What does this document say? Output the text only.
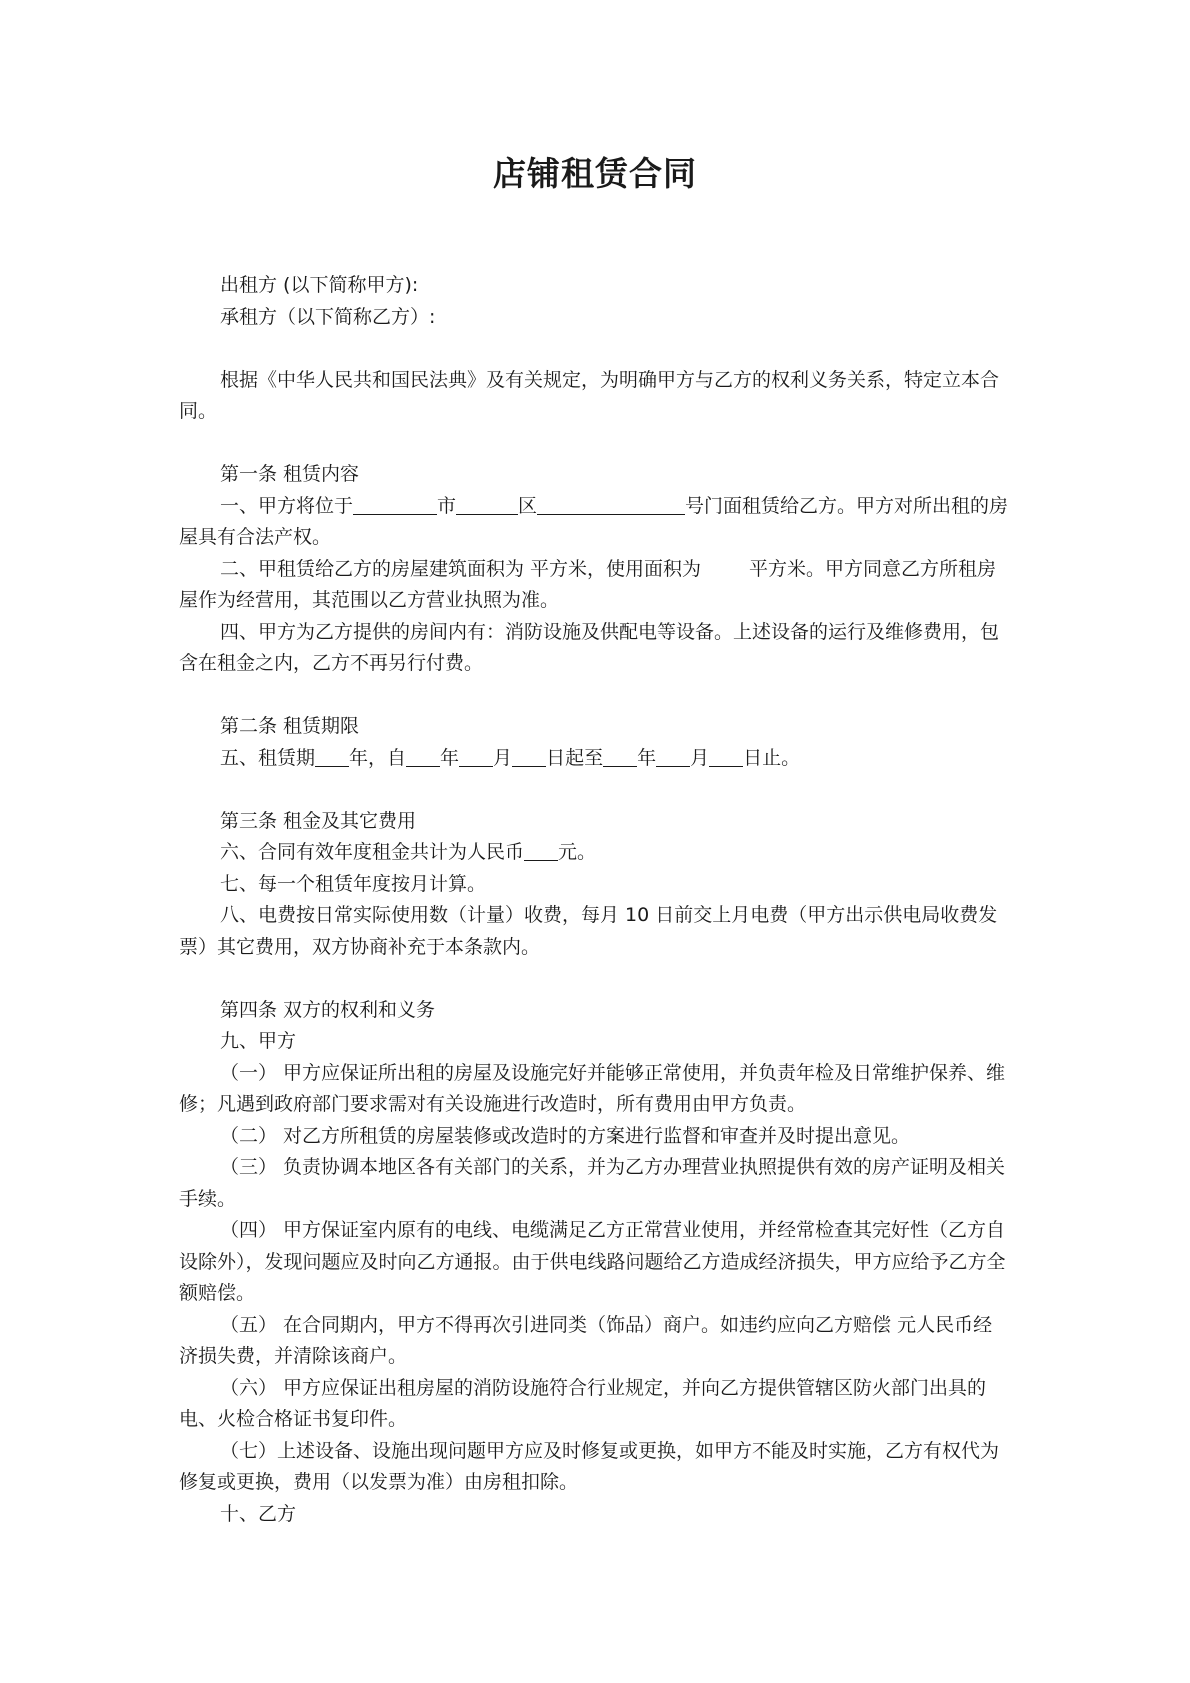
店铺租赁合同

出租方 (以下简称甲方):

承租方（以下简称乙方）:

根据《中华人民共和国民法典》及有关规定，为明确甲方与乙方的权利义务关系，特定立本合同。

第一条 租赁内容

一、甲方将位于	市	区	号门面租赁给乙方。甲方对所出租的房屋具有合法产权。

二、甲租赁给乙方的房屋建筑面积为 平方米，使用面积为	平方米。甲方同意乙方所租房屋作为经营用，其范围以乙方营业执照为准。

四、甲方为乙方提供的房间内有：消防设施及供配电等设备。上述设备的运行及维修费用，包含在租金之内，乙方不再另行付费。

第二条 租赁期限

五、租赁期 年，自 年 月 日起至 年 月 日止。

第三条 租金及其它费用

六、合同有效年度租金共计为人民币 元。

七、每一个租赁年度按月计算。

八、电费按日常实际使用数（计量）收费，每月 10 日前交上月电费（甲方出示供电局收费发票）其它费用，双方协商补充于本条款内。

第四条 双方的权利和义务

九、甲方

（一） 甲方应保证所出租的房屋及设施完好并能够正常使用，并负责年检及日常维护保养、维修；凡遇到政府部门要求需对有关设施进行改造时，所有费用由甲方负责。

（二） 对乙方所租赁的房屋装修或改造时的方案进行监督和审查并及时提出意见。

（三） 负责协调本地区各有关部门的关系，并为乙方办理营业执照提供有效的房产证明及相关手续。

（四） 甲方保证室内原有的电线、电缆满足乙方正常营业使用，并经常检查其完好性（乙方自设除外），发现问题应及时向乙方通报。由于供电线路问题给乙方造成经济损失，甲方应给予乙方全额赔偿。

（五） 在合同期内，甲方不得再次引进同类（饰品）商户。如违约应向乙方赔偿 元人民币经济损失费，并清除该商户。

（六） 甲方应保证出租房屋的消防设施符合行业规定，并向乙方提供管辖区防火部门出具的电、火检合格证书复印件。

（七）上述设备、设施出现问题甲方应及时修复或更换，如甲方不能及时实施，乙方有权代为修复或更换，费用（以发票为准）由房租扣除。

十、乙方
